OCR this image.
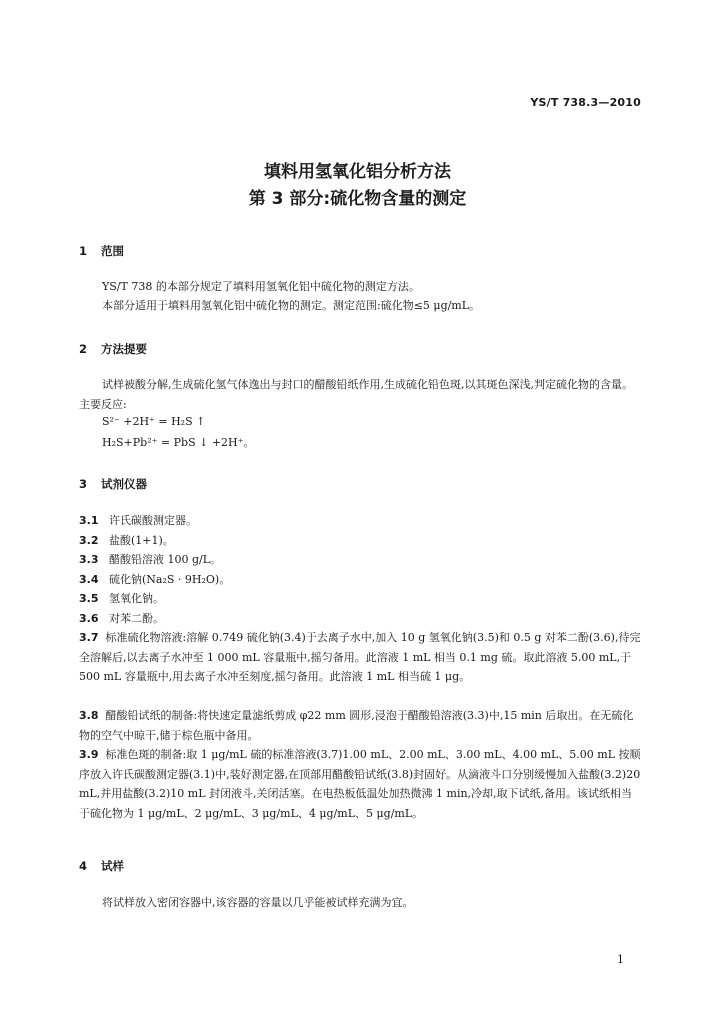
YS/T 738.3—2010
填料用氢氧化铝分析方法
第 3 部分:硫化物含量的测定
1 范围
YS/T 738 的本部分规定了填料用氢氧化铝中硫化物的测定方法。
本部分适用于填料用氢氧化铝中硫化物的测定。测定范围:硫化物≤5 μg/mL。
2 方法提要
试样被酸分解,生成硫化氢气体逸出与封口的醋酸铅纸作用,生成硫化铅色斑,以其斑色深浅,判定硫化物的含量。主要反应:
S²⁻ +2H⁺ = H₂S ↑
H₂S+Pb²⁺ = PbS ↓ +2H⁺。
3 试剂仪器
3.1 许氏碳酸测定器。
3.2 盐酸(1+1)。
3.3 醋酸铅溶液 100 g/L。
3.4 硫化钠(Na₂S · 9H₂O)。
3.5 氢氧化钠。
3.6 对苯二酚。
3.7 标准硫化物溶液:溶解 0.749 硫化钠(3.4)于去离子水中,加入 10 g 氢氧化钠(3.5)和 0.5 g 对苯二酚(3.6),待完全溶解后,以去离子水冲至 1 000 mL 容量瓶中,摇匀备用。此溶液 1 mL 相当 0.1 mg 硫。取此溶液 5.00 mL,于 500 mL 容量瓶中,用去离子水冲至刻度,摇匀备用。此溶液 1 mL 相当硫 1 μg。
3.8 醋酸铅试纸的制备:将快速定量滤纸剪成 φ22 mm 圆形,浸泡于醋酸铅溶液(3.3)中,15 min 后取出。在无硫化物的空气中晾干,储于棕色瓶中备用。
3.9 标准色斑的制备:取 1 μg/mL 硫的标准溶液(3.7)1.00 mL、2.00 mL、3.00 mL、4.00 mL、5.00 mL 按顺序放入许氏碳酸测定器(3.1)中,装好测定器,在顶部用醋酸铅试纸(3.8)封固好。从滴液斗口分别缓慢加入盐酸(3.2)20 mL,并用盐酸(3.2)10 mL 封闭液斗,关闭活塞。在电热板低温处加热微沸 1 min,冷却,取下试纸,备用。该试纸相当于硫化物为 1 μg/mL、2 μg/mL、3 μg/mL、4 μg/mL、5 μg/mL。
4 试样
将试样放入密闭容器中,该容器的容量以几乎能被试样充满为宜。
1
